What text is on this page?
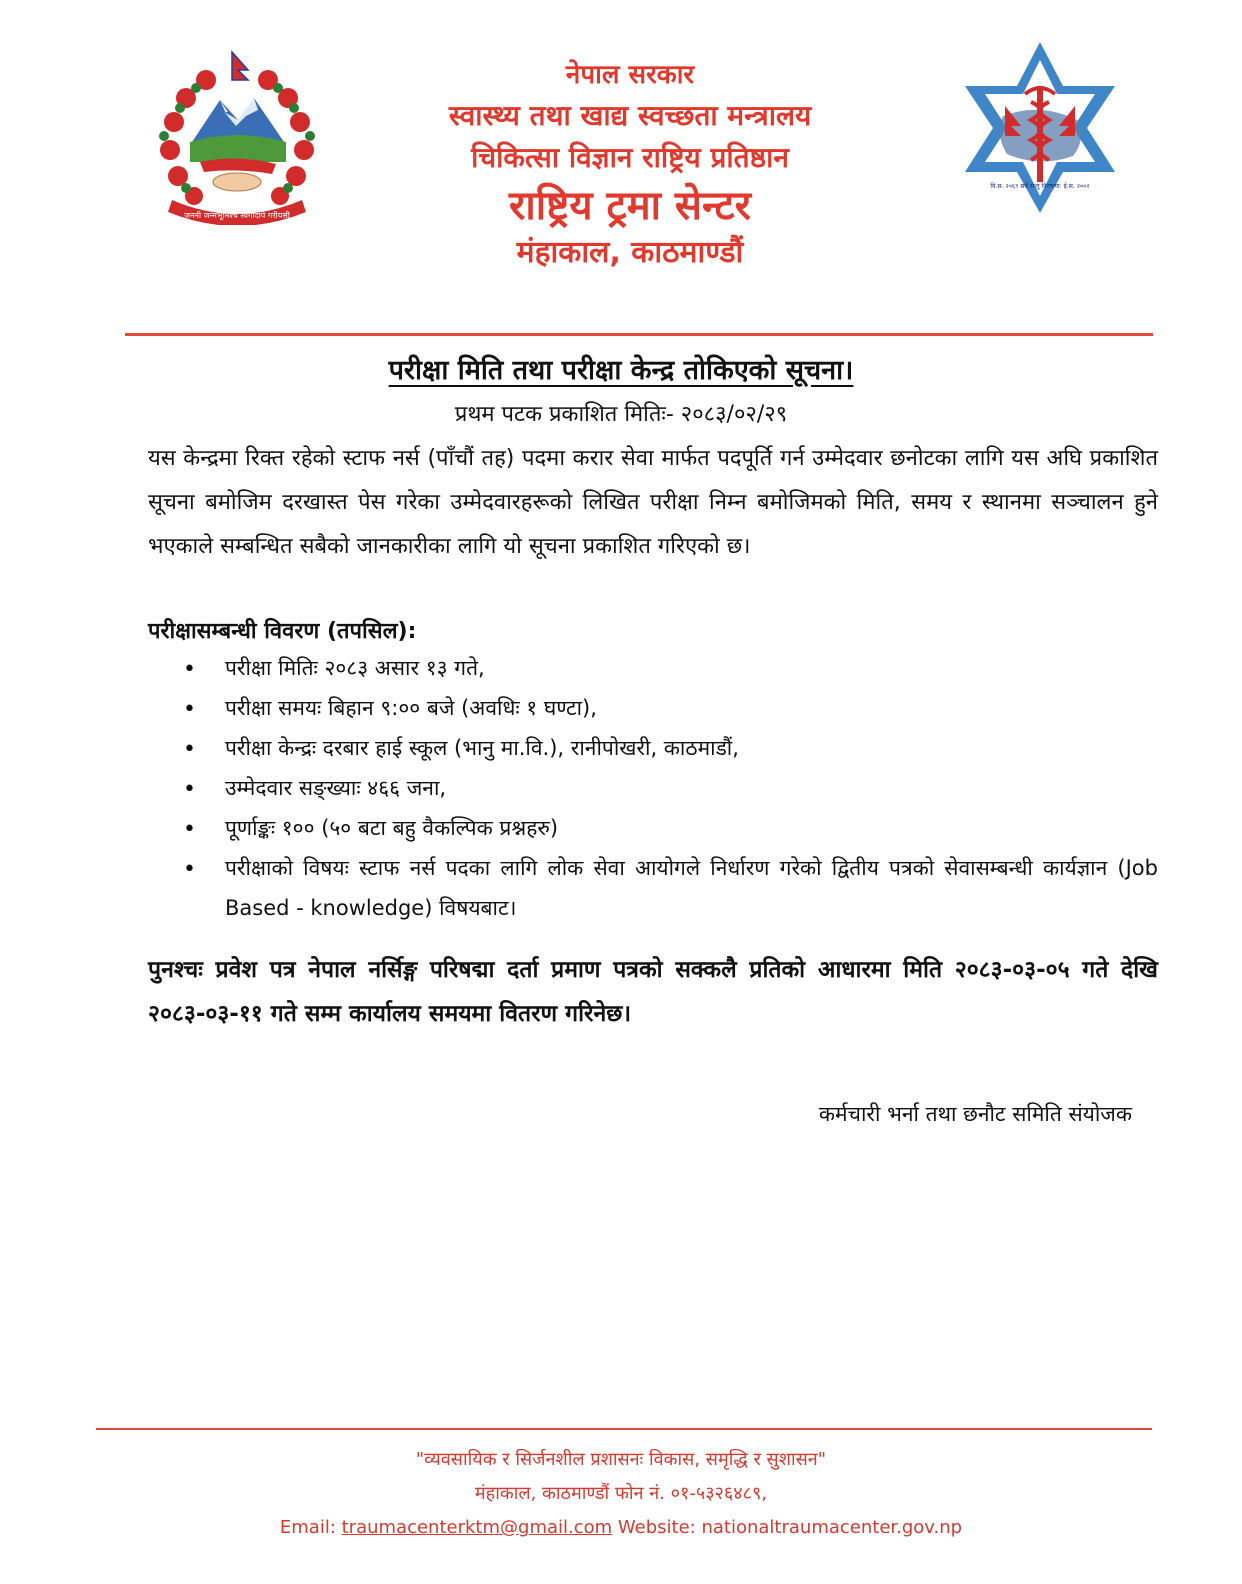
जननी जन्मभूमिश्च स्वर्गादपि गरीयसी
नेपाल सरकार
स्वास्थ्य तथा खाद्य स्वच्छता मन्त्रालय
चिकित्सा विज्ञान राष्ट्रिय प्रतिष्ठान
राष्ट्रिय ट्रमा सेन्टर
मंहाकाल, काठमाण्डौं
वि.स. २०६९ सर्वे सन्तु निरामया: ई.स. २००२
परीक्षा मिति तथा परीक्षा केन्द्र तोकिएको सूचना।
प्रथम पटक प्रकाशित मितिः- २०८३/०२/२९
यस केन्द्रमा रिक्त रहेको स्टाफ नर्स (पाँचौं तह) पदमा करार सेवा मार्फत पदपूर्ति गर्न उम्मेदवार छनोटका लागि यस अघि प्रकाशित सूचना बमोजिम दरखास्त पेस गरेका उम्मेदवारहरूको लिखित परीक्षा निम्न बमोजिमको मिति, समय र स्थानमा सञ्चालन हुने भएकाले सम्बन्धित सबैको जानकारीका लागि यो सूचना प्रकाशित गरिएको छ।
परीक्षासम्बन्धी विवरण (तपसिल):
• परीक्षा मितिः २०८३ असार १३ गते,
• परीक्षा समयः बिहान ९:०० बजे (अवधिः १ घण्टा),
• परीक्षा केन्द्रः दरबार हाई स्कूल (भानु मा.वि.), रानीपोखरी, काठमाडौं,
• उम्मेदवार सङ्ख्याः ४६६ जना,
• पूर्णाङ्कः १०० (५० बटा बहु वैकल्पिक प्रश्नहरु)
• परीक्षाको विषयः स्टाफ नर्स पदका लागि लोक सेवा आयोगले निर्धारण गरेको द्वितीय पत्रको सेवासम्बन्धी कार्यज्ञान (Job Based - knowledge) विषयबाट।
पुनश्चः प्रवेश पत्र नेपाल नर्सिङ्ग परिषद्मा दर्ता प्रमाण पत्रको सक्कलै प्रतिको आधारमा मिति २०८३-०३-०५ गते देखि २०८३-०३-११ गते सम्म कार्यालय समयमा वितरण गरिनेछ।
कर्मचारी भर्ना तथा छनौट समिति संयोजक
"व्यवसायिक र सिर्जनशील प्रशासनः विकास, समृद्धि र सुशासन"
मंहाकाल, काठमाण्डौं फोन नं. ०१-५३२६४८९,
Email: traumacenterktm@gmail.com Website: nationaltraumacenter.gov.np
